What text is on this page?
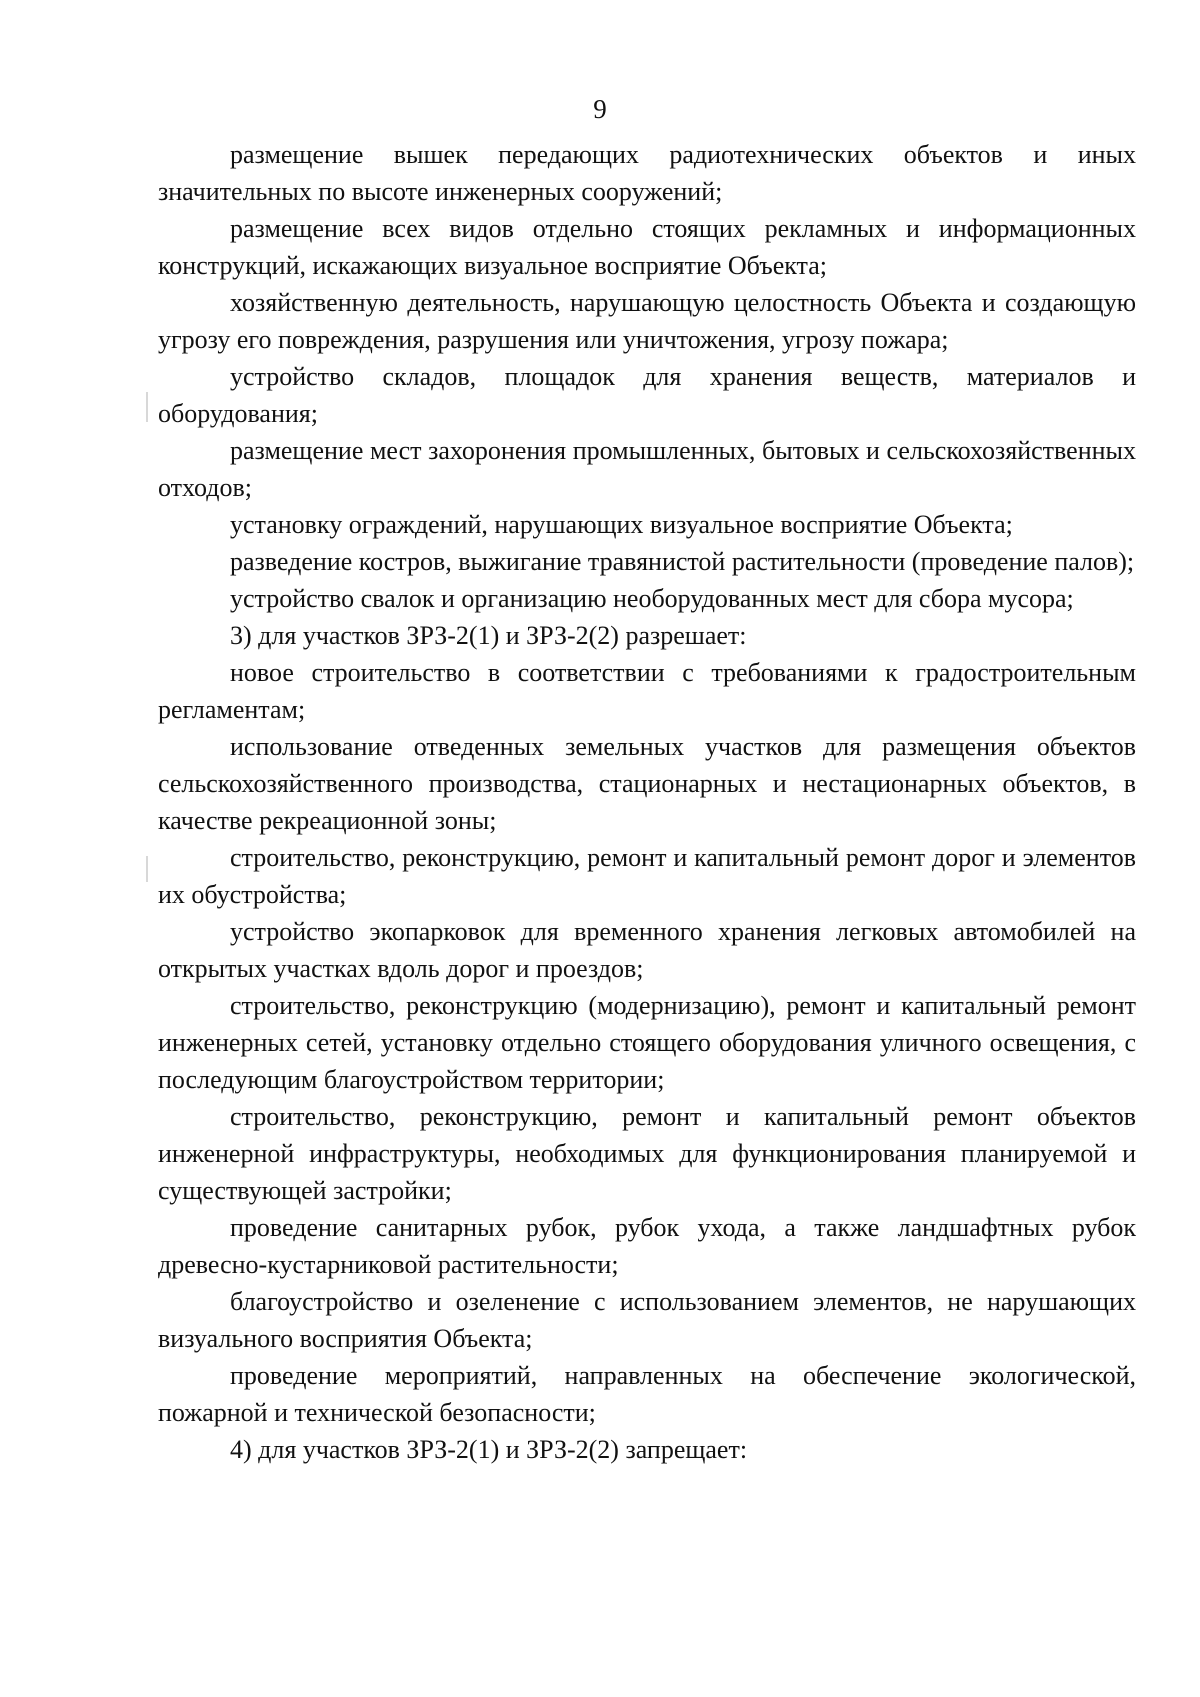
9

размещение вышек передающих радиотехнических объектов и иных значительных по высоте инженерных сооружений;

размещение всех видов отдельно стоящих рекламных и информационных конструкций, искажающих визуальное восприятие Объекта;

хозяйственную деятельность, нарушающую целостность Объекта и создающую угрозу его повреждения, разрушения или уничтожения, угрозу пожара;

устройство складов, площадок для хранения веществ, материалов и оборудования;

размещение мест захоронения промышленных, бытовых и сельскохозяйственных отходов;

установку ограждений, нарушающих визуальное восприятие Объекта;

разведение костров, выжигание травянистой растительности (проведение палов);

устройство свалок и организацию необорудованных мест для сбора мусора;

3) для участков ЗРЗ-2(1) и ЗРЗ-2(2) разрешает:

новое строительство в соответствии с требованиями к градостроительным регламентам;

использование отведенных земельных участков для размещения объектов сельскохозяйственного производства, стационарных и нестационарных объектов, в качестве рекреационной зоны;

строительство, реконструкцию, ремонт и капитальный ремонт дорог и элементов их обустройства;

устройство экопарковок для временного хранения легковых автомобилей на открытых участках вдоль дорог и проездов;

строительство, реконструкцию (модернизацию), ремонт и капитальный ремонт инженерных сетей, установку отдельно стоящего оборудования уличного освещения, с последующим благоустройством территории;

строительство, реконструкцию, ремонт и капитальный ремонт объектов инженерной инфраструктуры, необходимых для функционирования планируемой и существующей застройки;

проведение санитарных рубок, рубок ухода, а также ландшафтных рубок древесно-кустарниковой растительности;

благоустройство и озеленение с использованием элементов, не нарушающих визуального восприятия Объекта;

проведение мероприятий, направленных на обеспечение экологической, пожарной и технической безопасности;

4) для участков ЗРЗ-2(1) и ЗРЗ-2(2) запрещает:
